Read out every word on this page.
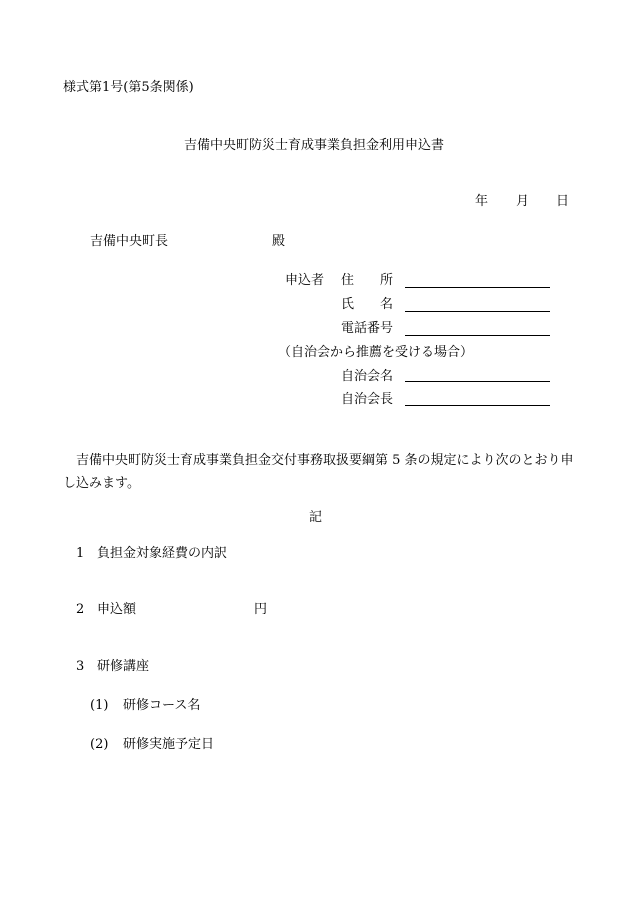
様式第1号(第5条関係)
吉備中央町防災士育成事業負担金利用申込書
年 月 日
吉備中央町長	殿
申込者 住　　所
氏　　名
電話番号
（自治会から推薦を受ける場合）
自治会名
自治会長
吉備中央町防災士育成事業負担金交付事務取扱要綱第 5 条の規定により次のとおり申し込みます。
記
1 負担金対象経費の内訳
2 申込額	円
3 研修講座
(1) 研修コース名
(2) 研修実施予定日
